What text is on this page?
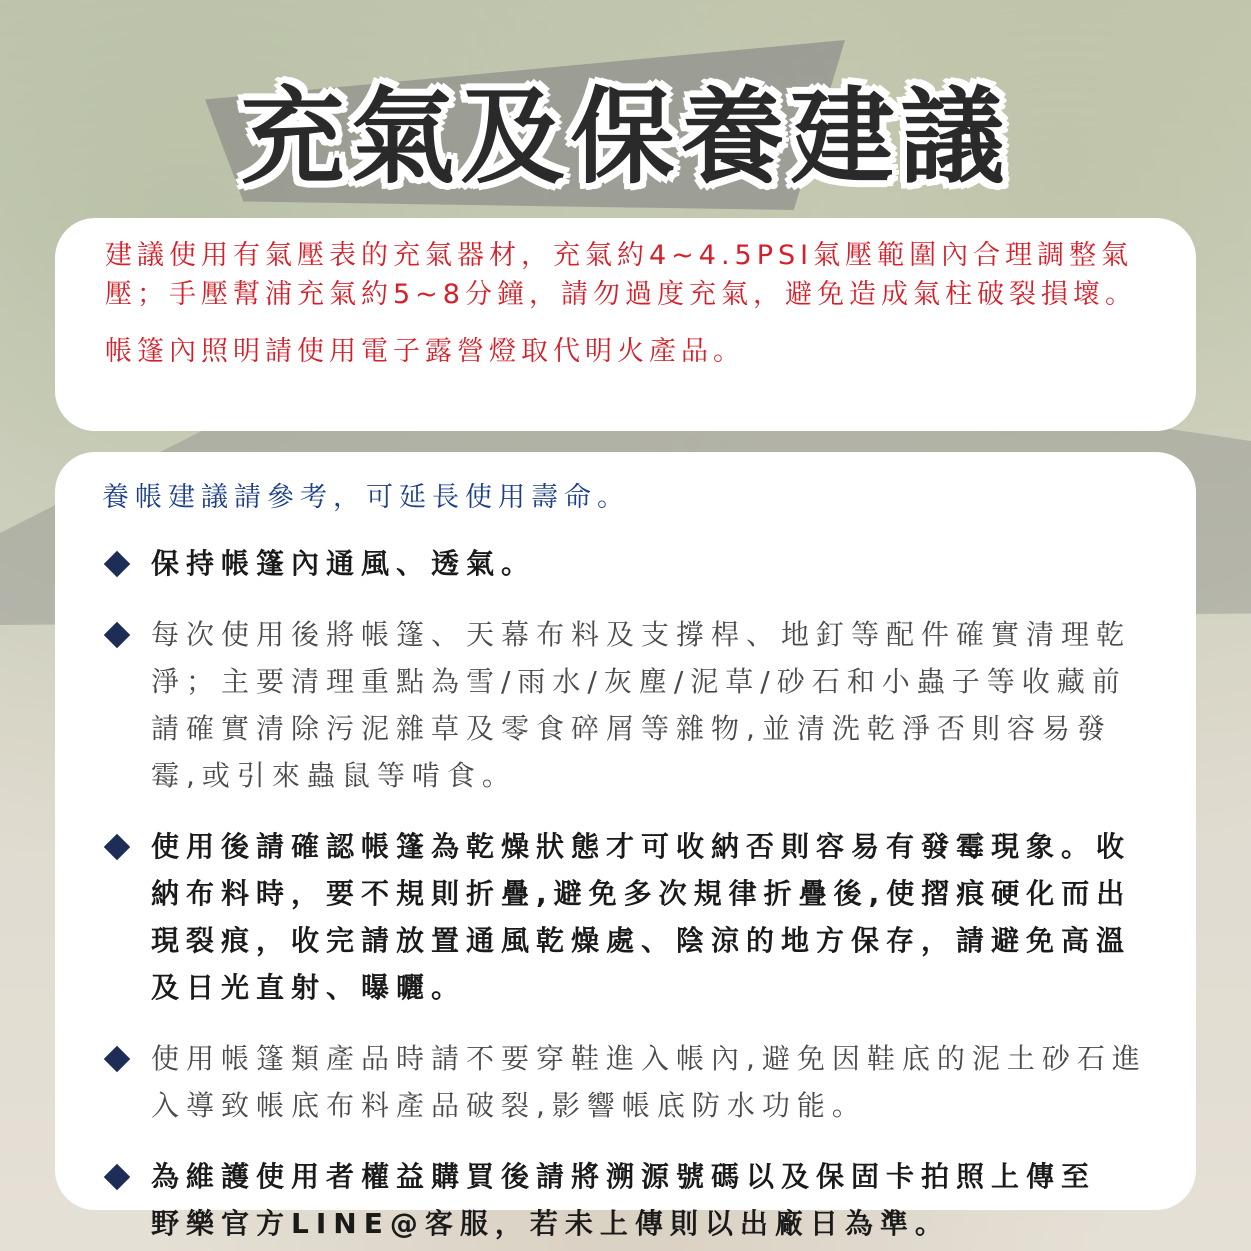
充氣及保養建議

建議使用有氣壓表的充氣器材，充氣約4~4.5PSI氣壓範圍內合理調整氣壓；手壓幫浦充氣約5~8分鐘，請勿過度充氣，避免造成氣柱破裂損壞。

帳篷內照明請使用電子露營燈取代明火產品。

養帳建議請參考，可延長使用壽命。

保持帳篷內通風、透氣。

每次使用後將帳篷、天幕布料及支撐桿、地釘等配件確實清理乾淨；主要清理重點為雪/雨水/灰塵/泥草/砂石和小蟲子等收藏前請確實清除污泥雜草及零食碎屑等雜物,並清洗乾淨否則容易發霉,或引來蟲鼠等啃食。

使用後請確認帳篷為乾燥狀態才可收納否則容易有發霉現象。收納布料時，要不規則折疊,避免多次規律折疊後,使摺痕硬化而出現裂痕，收完請放置通風乾燥處、陰涼的地方保存，請避免高溫及日光直射、曝曬。

使用帳篷類產品時請不要穿鞋進入帳內,避免因鞋底的泥土砂石進入導致帳底布料產品破裂,影響帳底防水功能。

為維護使用者權益購買後請將溯源號碼以及保固卡拍照上傳至野樂官方LINE@客服，若未上傳則以出廠日為準。
